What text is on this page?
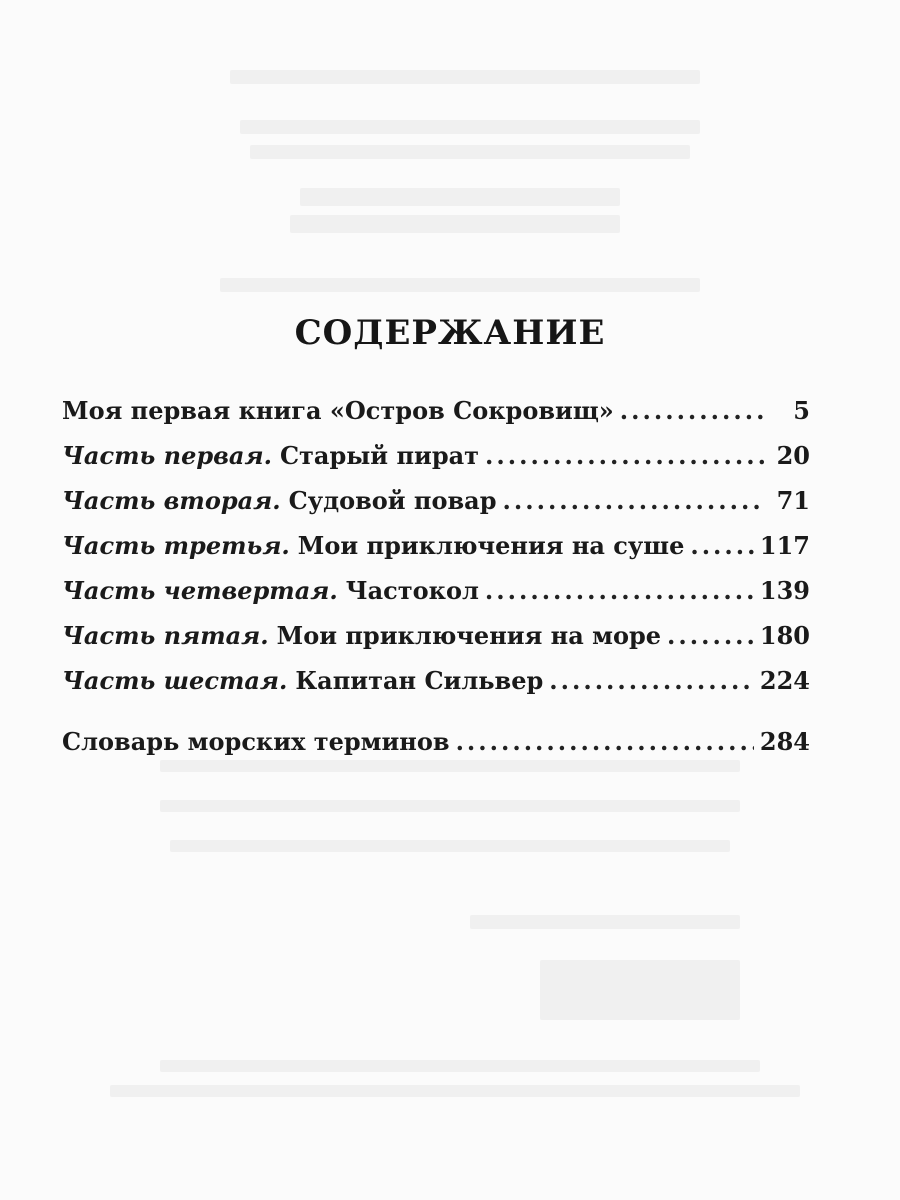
СОДЕРЖАНИЕ
Моя первая книга «Остров Сокровищ» .....	5
Часть первая. Старый пират .....	20
Часть вторая. Судовой повар .....	71
Часть третья. Мои приключения на суше .....	117
Часть четвертая. Частокол .....	139
Часть пятая. Мои приключения на море .....	180
Часть шестая. Капитан Сильвер .....	224
Словарь морских терминов .....	284
